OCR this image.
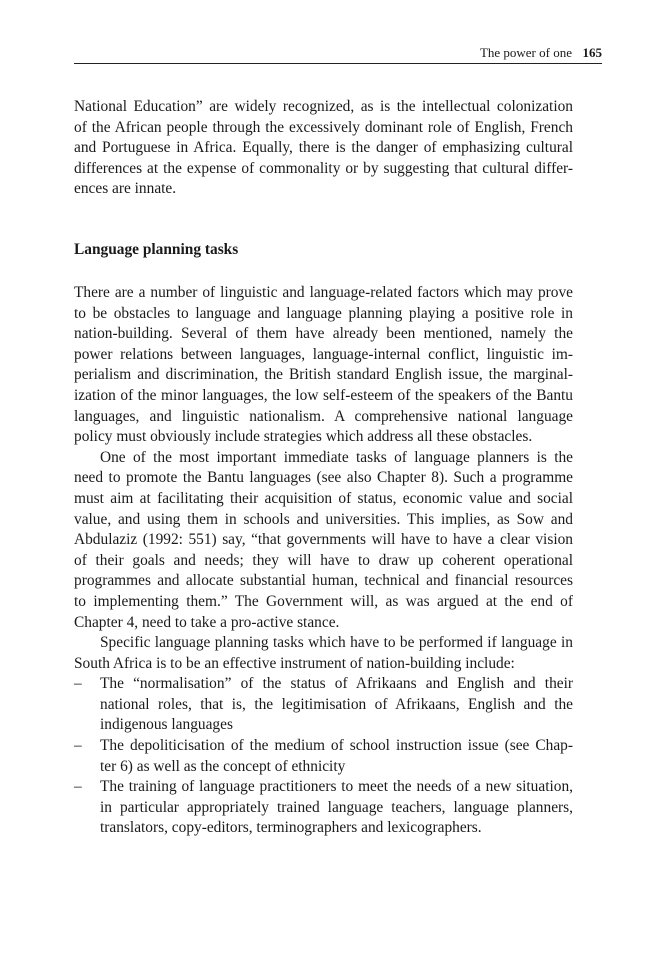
The power of one 165
National Education” are widely recognized, as is the intellectual colonization
of the African people through the excessively dominant role of English, French
and Portuguese in Africa. Equally, there is the danger of emphasizing cultural
differences at the expense of commonality or by suggesting that cultural differ-
ences are innate.
Language planning tasks
There are a number of linguistic and language-related factors which may prove
to be obstacles to language and language planning playing a positive role in
nation-building. Several of them have already been mentioned, namely the
power relations between languages, language-internal conflict, linguistic im-
perialism and discrimination, the British standard English issue, the marginal-
ization of the minor languages, the low self-esteem of the speakers of the Bantu
languages, and linguistic nationalism. A comprehensive national language
policy must obviously include strategies which address all these obstacles.
One of the most important immediate tasks of language planners is the
need to promote the Bantu languages (see also Chapter 8). Such a programme
must aim at facilitating their acquisition of status, economic value and social
value, and using them in schools and universities. This implies, as Sow and
Abdulaziz (1992: 551) say, “that governments will have to have a clear vision
of their goals and needs; they will have to draw up coherent operational
programmes and allocate substantial human, technical and financial resources
to implementing them.” The Government will, as was argued at the end of
Chapter 4, need to take a pro-active stance.
Specific language planning tasks which have to be performed if language in
South Africa is to be an effective instrument of nation-building include:
– The “normalisation” of the status of Afrikaans and English and their
national roles, that is, the legitimisation of Afrikaans, English and the
indigenous languages
– The depoliticisation of the medium of school instruction issue (see Chap-
ter 6) as well as the concept of ethnicity
– The training of language practitioners to meet the needs of a new situation,
in particular appropriately trained language teachers, language planners,
translators, copy-editors, terminographers and lexicographers.
